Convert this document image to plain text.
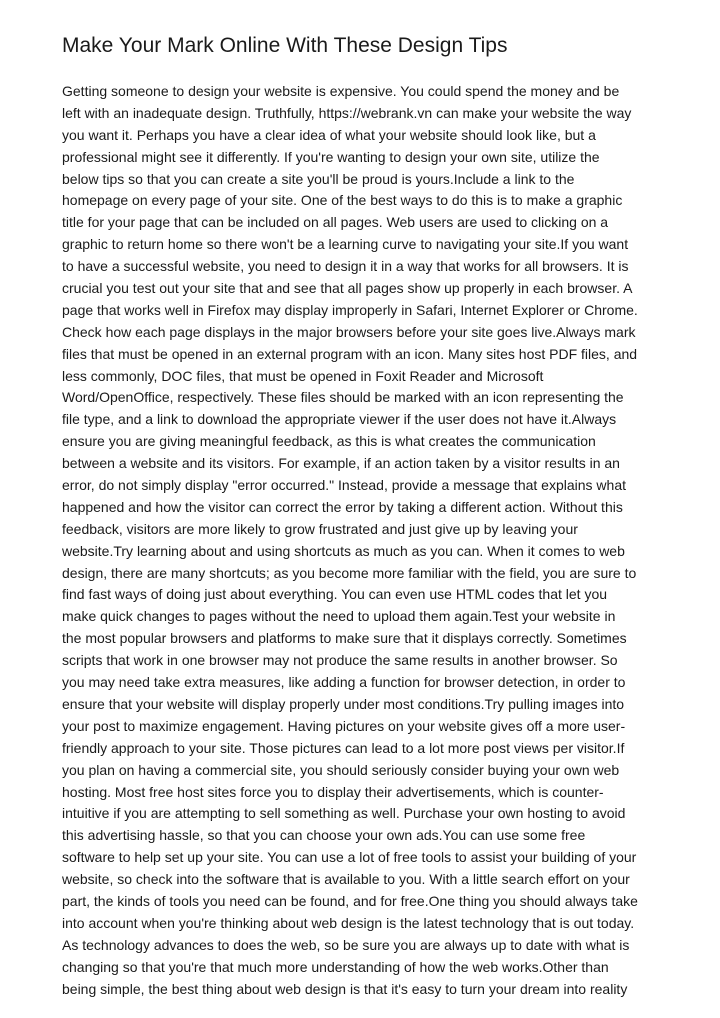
Make Your Mark Online With These Design Tips
Getting someone to design your website is expensive. You could spend the money and be
left with an inadequate design. Truthfully, https://webrank.vn can make your website the way
you want it. Perhaps you have a clear idea of what your website should look like, but a
professional might see it differently. If you're wanting to design your own site, utilize the
below tips so that you can create a site you'll be proud is yours.Include a link to the
homepage on every page of your site. One of the best ways to do this is to make a graphic
title for your page that can be included on all pages. Web users are used to clicking on a
graphic to return home so there won't be a learning curve to navigating your site.If you want
to have a successful website, you need to design it in a way that works for all browsers. It is
crucial you test out your site that and see that all pages show up properly in each browser. A
page that works well in Firefox may display improperly in Safari, Internet Explorer or Chrome.
Check how each page displays in the major browsers before your site goes live.Always mark
files that must be opened in an external program with an icon. Many sites host PDF files, and
less commonly, DOC files, that must be opened in Foxit Reader and Microsoft
Word/OpenOffice, respectively. These files should be marked with an icon representing the
file type, and a link to download the appropriate viewer if the user does not have it.Always
ensure you are giving meaningful feedback, as this is what creates the communication
between a website and its visitors. For example, if an action taken by a visitor results in an
error, do not simply display "error occurred." Instead, provide a message that explains what
happened and how the visitor can correct the error by taking a different action. Without this
feedback, visitors are more likely to grow frustrated and just give up by leaving your
website.Try learning about and using shortcuts as much as you can. When it comes to web
design, there are many shortcuts; as you become more familiar with the field, you are sure to
find fast ways of doing just about everything. You can even use HTML codes that let you
make quick changes to pages without the need to upload them again.Test your website in
the most popular browsers and platforms to make sure that it displays correctly. Sometimes
scripts that work in one browser may not produce the same results in another browser. So
you may need take extra measures, like adding a function for browser detection, in order to
ensure that your website will display properly under most conditions.Try pulling images into
your post to maximize engagement. Having pictures on your website gives off a more user-
friendly approach to your site. Those pictures can lead to a lot more post views per visitor.If
you plan on having a commercial site, you should seriously consider buying your own web
hosting. Most free host sites force you to display their advertisements, which is counter-
intuitive if you are attempting to sell something as well. Purchase your own hosting to avoid
this advertising hassle, so that you can choose your own ads.You can use some free
software to help set up your site. You can use a lot of free tools to assist your building of your
website, so check into the software that is available to you. With a little search effort on your
part, the kinds of tools you need can be found, and for free.One thing you should always take
into account when you're thinking about web design is the latest technology that is out today.
As technology advances to does the web, so be sure you are always up to date with what is
changing so that you're that much more understanding of how the web works.Other than
being simple, the best thing about web design is that it's easy to turn your dream into reality
